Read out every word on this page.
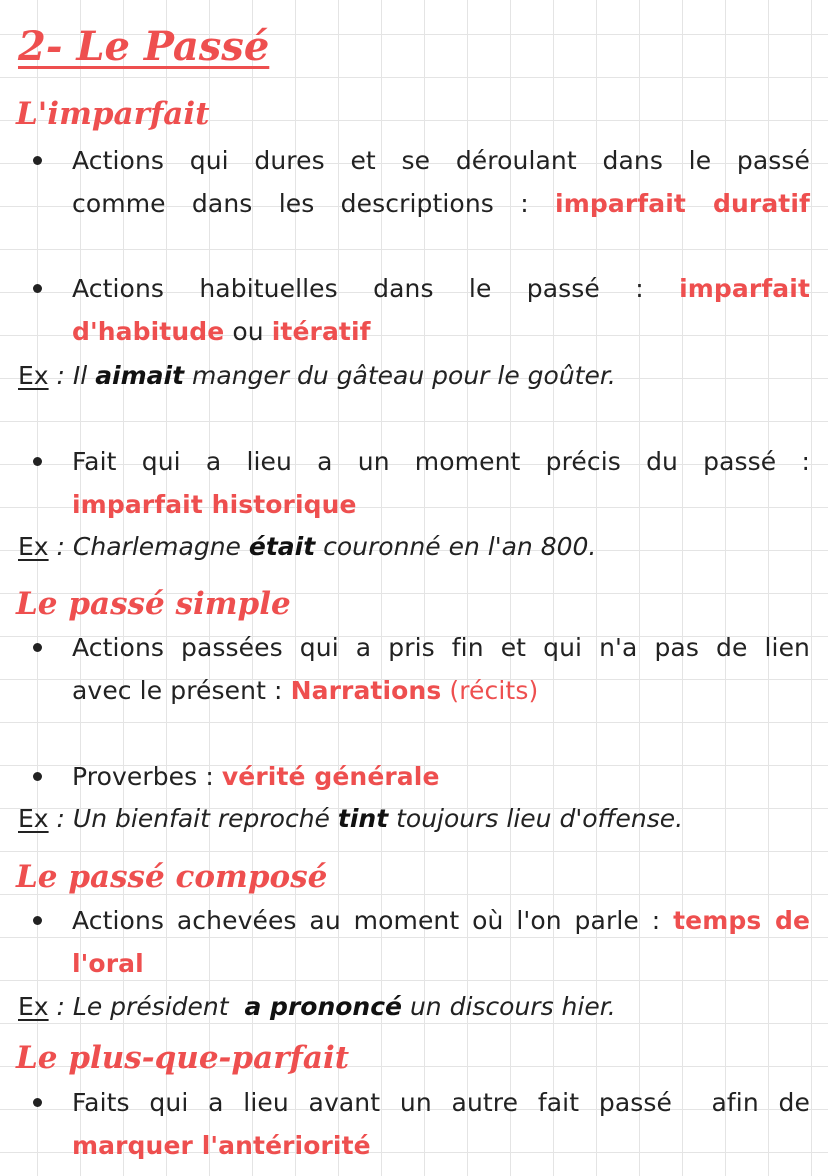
2- Le Passé
L'imparfait
Actions qui dures et se déroulant dans le passé
comme dans les descriptions : imparfait duratif
Actions habituelles dans le passé : imparfait
d'habitude ou itératif
Ex : Il aimait manger du gâteau pour le goûter.
Fait qui a lieu a un moment précis du passé :
imparfait historique
Ex : Charlemagne était couronné en l'an 800.
Le passé simple
Actions passées qui a pris fin et qui n'a pas de lien
avec le présent : Narrations (récits)
Proverbes : vérité générale
Ex : Un bienfait reproché tint toujours lieu d'offense.
Le passé composé
Actions achevées au moment où l'on parle : temps de
l'oral
Ex : Le président  a prononcé un discours hier.
Le plus-que-parfait
Faits qui a lieu avant un autre fait passé  afin de
marquer l'antériorité
